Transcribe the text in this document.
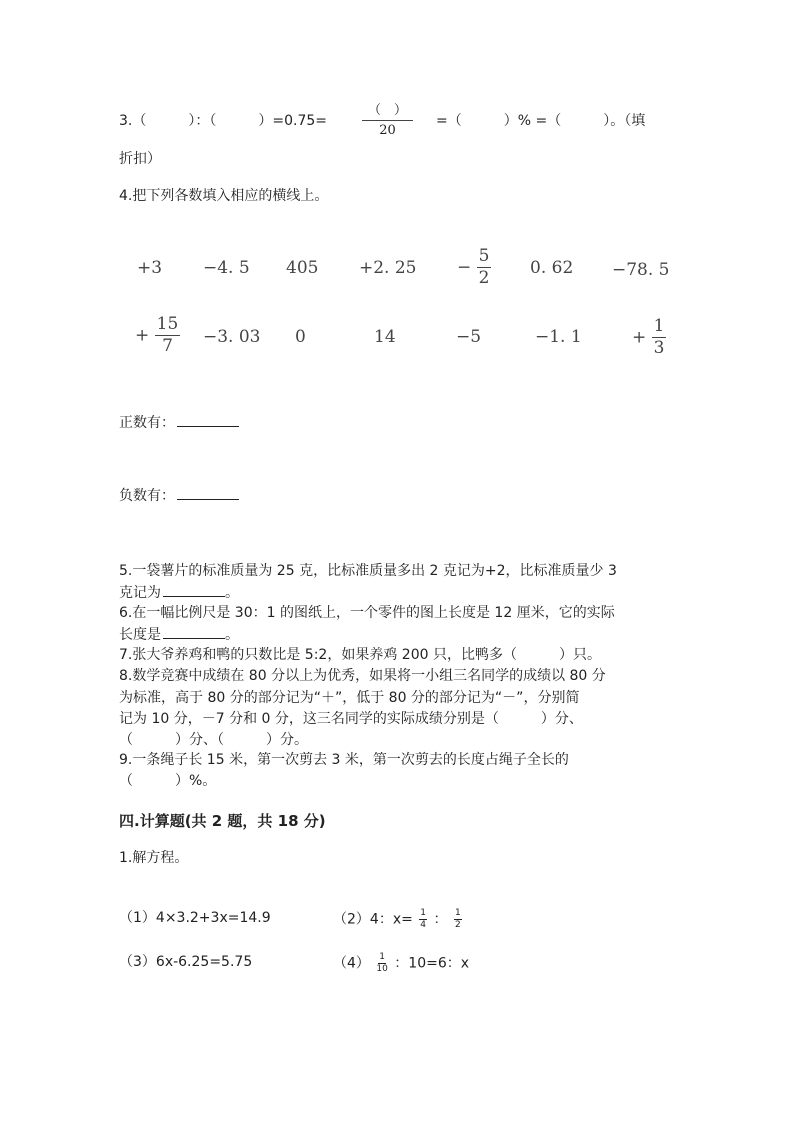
3.（　　　）：（　　　）=0.75=	$\frac{( )}{20}$ =（　　　）% =（　　　）。（填
折扣）
4.把下列各数填入相应的横线上。
+3 −4. 5 405 +2. $25 - \frac{5}{2} 0$. 62 −78. 5
+ $\frac{15}{7} -3$. 03 0	14	−5	−1. 1	+ $\frac{1}{3}$
正数有：
负数有：
5.一袋薯片的标准质量为 25 克，比标准质量多出 2 克记为+2，比标准质量少 3
克记为	。
6.在一幅比例尺是 30：1 的图纸上，一个零件的图上长度是 12 厘米，它的实际
长度是	。
7.张大爷养鸡和鸭的只数比是 5:2，如果养鸡 200 只，比鸭多（　　　）只。
8.数学竞赛中成绩在 80 分以上为优秀，如果将一小组三名同学的成绩以 80 分
为标准，高于 80 分的部分记为“＋”，低于 80 分的部分记为“－”，分别简
记为 10 分，－7 分和 0 分，这三名同学的实际成绩分别是（　　　）分、
（　　　）分、（　　　）分。
9.一条绳子长 15 米，第一次剪去 3 米，第一次剪去的长度占绳子全长的
（　　　）%。
四.计算题(共 2 题，共 18 分)
1.解方程。
（1）4×3.2+3x=14.9	（2）4：$x= \frac{1}{4}$ ： $\frac{1}{2}$
（3）6x-6.25=5.75	$(4) \frac{1}{10}$ ：10=6：x
